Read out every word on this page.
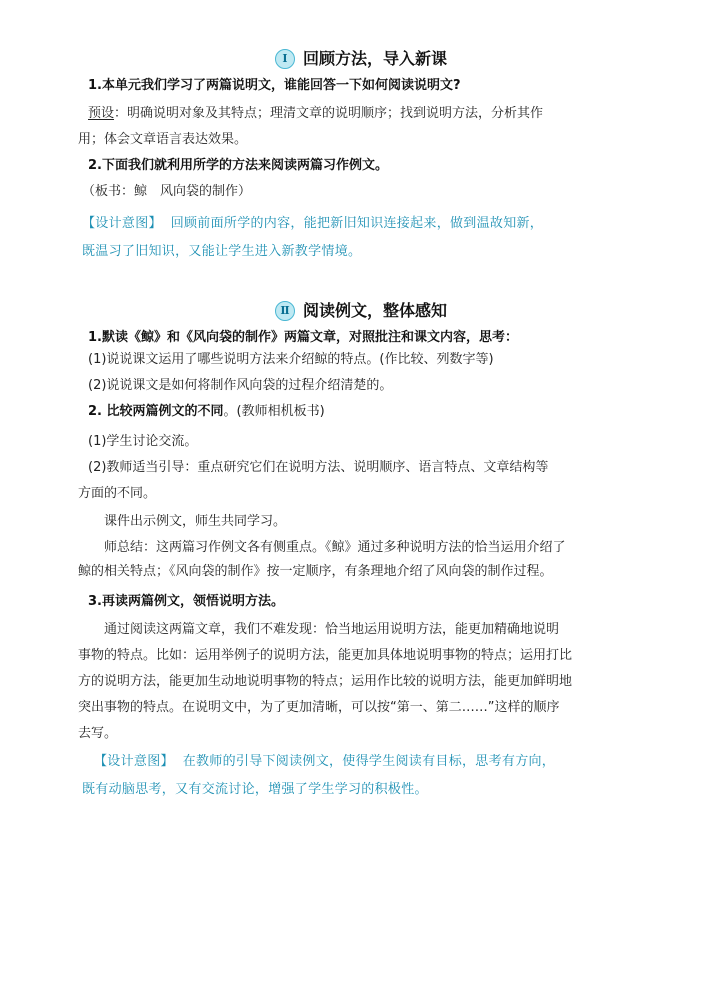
Ⅰ 回顾方法，导入新课
1.本单元我们学习了两篇说明文，谁能回答一下如何阅读说明文?
预设：明确说明对象及其特点；理清文章的说明顺序；找到说明方法，分析其作
用；体会文章语言表达效果。
2.下面我们就利用所学的方法来阅读两篇习作例文。
（板书：鲸　风向袋的制作）
【设计意图】 回顾前面所学的内容，能把新旧知识连接起来，做到温故知新，
既温习了旧知识，又能让学生进入新教学情境。
Ⅱ 阅读例文，整体感知
1.默读《鲸》和《风向袋的制作》两篇文章，对照批注和课文内容，思考：
(1)说说课文运用了哪些说明方法来介绍鲸的特点。(作比较、列数字等)
(2)说说课文是如何将制作风向袋的过程介绍清楚的。
2. 比较两篇例文的不同。(教师相机板书)
(1)学生讨论交流。
(2)教师适当引导：重点研究它们在说明方法、说明顺序、语言特点、文章结构等
方面的不同。
课件出示例文，师生共同学习。
师总结：这两篇习作例文各有侧重点。《鲸》通过多种说明方法的恰当运用介绍了
鲸的相关特点；《风向袋的制作》按一定顺序，有条理地介绍了风向袋的制作过程。
3.再读两篇例文，领悟说明方法。
通过阅读这两篇文章，我们不难发现：恰当地运用说明方法，能更加精确地说明
事物的特点。比如：运用举例子的说明方法，能更加具体地说明事物的特点；运用打比
方的说明方法，能更加生动地说明事物的特点；运用作比较的说明方法，能更加鲜明地
突出事物的特点。在说明文中，为了更加清晰，可以按“第一、第二……”这样的顺序
去写。
【设计意图】 在教师的引导下阅读例文，使得学生阅读有目标，思考有方向，
既有动脑思考，又有交流讨论，增强了学生学习的积极性。
